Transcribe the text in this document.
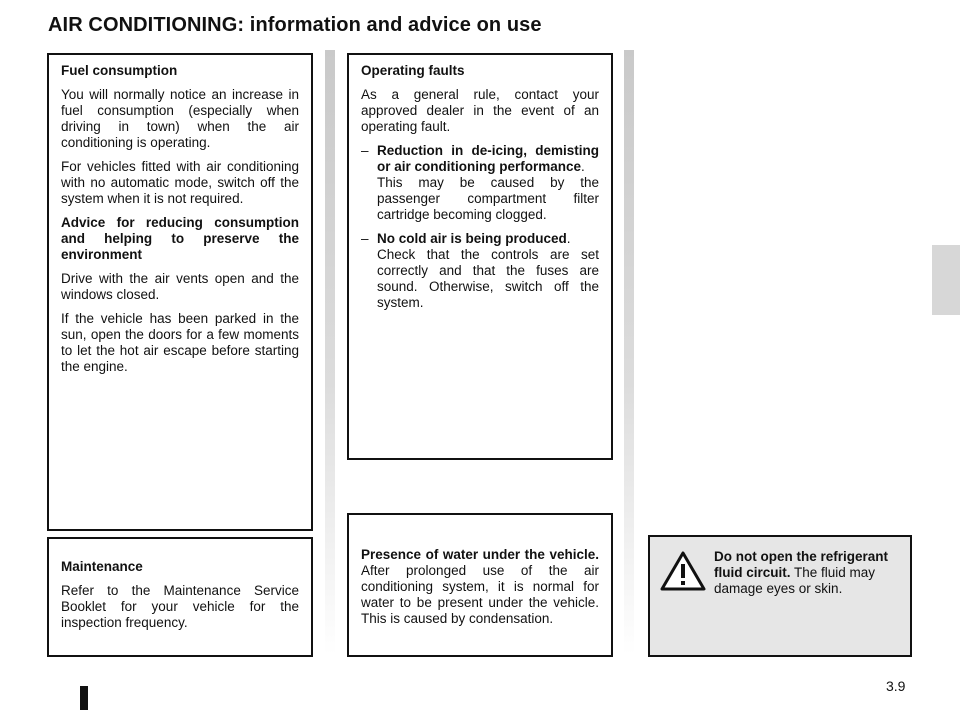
AIR CONDITIONING: information and advice on use

Fuel consumption

You will normally notice an increase in fuel consumption (especially when driving in town) when the air conditioning is operating.

For vehicles fitted with air conditioning with no automatic mode, switch off the system when it is not required.

Advice for reducing consumption and helping to preserve the environment

Drive with the air vents open and the windows closed.

If the vehicle has been parked in the sun, open the doors for a few moments to let the hot air escape before starting the engine.

Maintenance

Refer to the Maintenance Service Booklet for your vehicle for the inspection frequency.

Operating faults

As a general rule, contact your approved dealer in the event of an operating fault.

– Reduction in de-icing, demisting or air conditioning performance.
This may be caused by the passenger compartment filter cartridge becoming clogged.
– No cold air is being produced.
Check that the controls are set correctly and that the fuses are sound. Otherwise, switch off the system.

Presence of water under the vehicle. After prolonged use of the air conditioning system, it is normal for water to be present under the vehicle. This is caused by condensation.

Do not open the refrigerant fluid circuit. The fluid may damage eyes or skin.
3.9
